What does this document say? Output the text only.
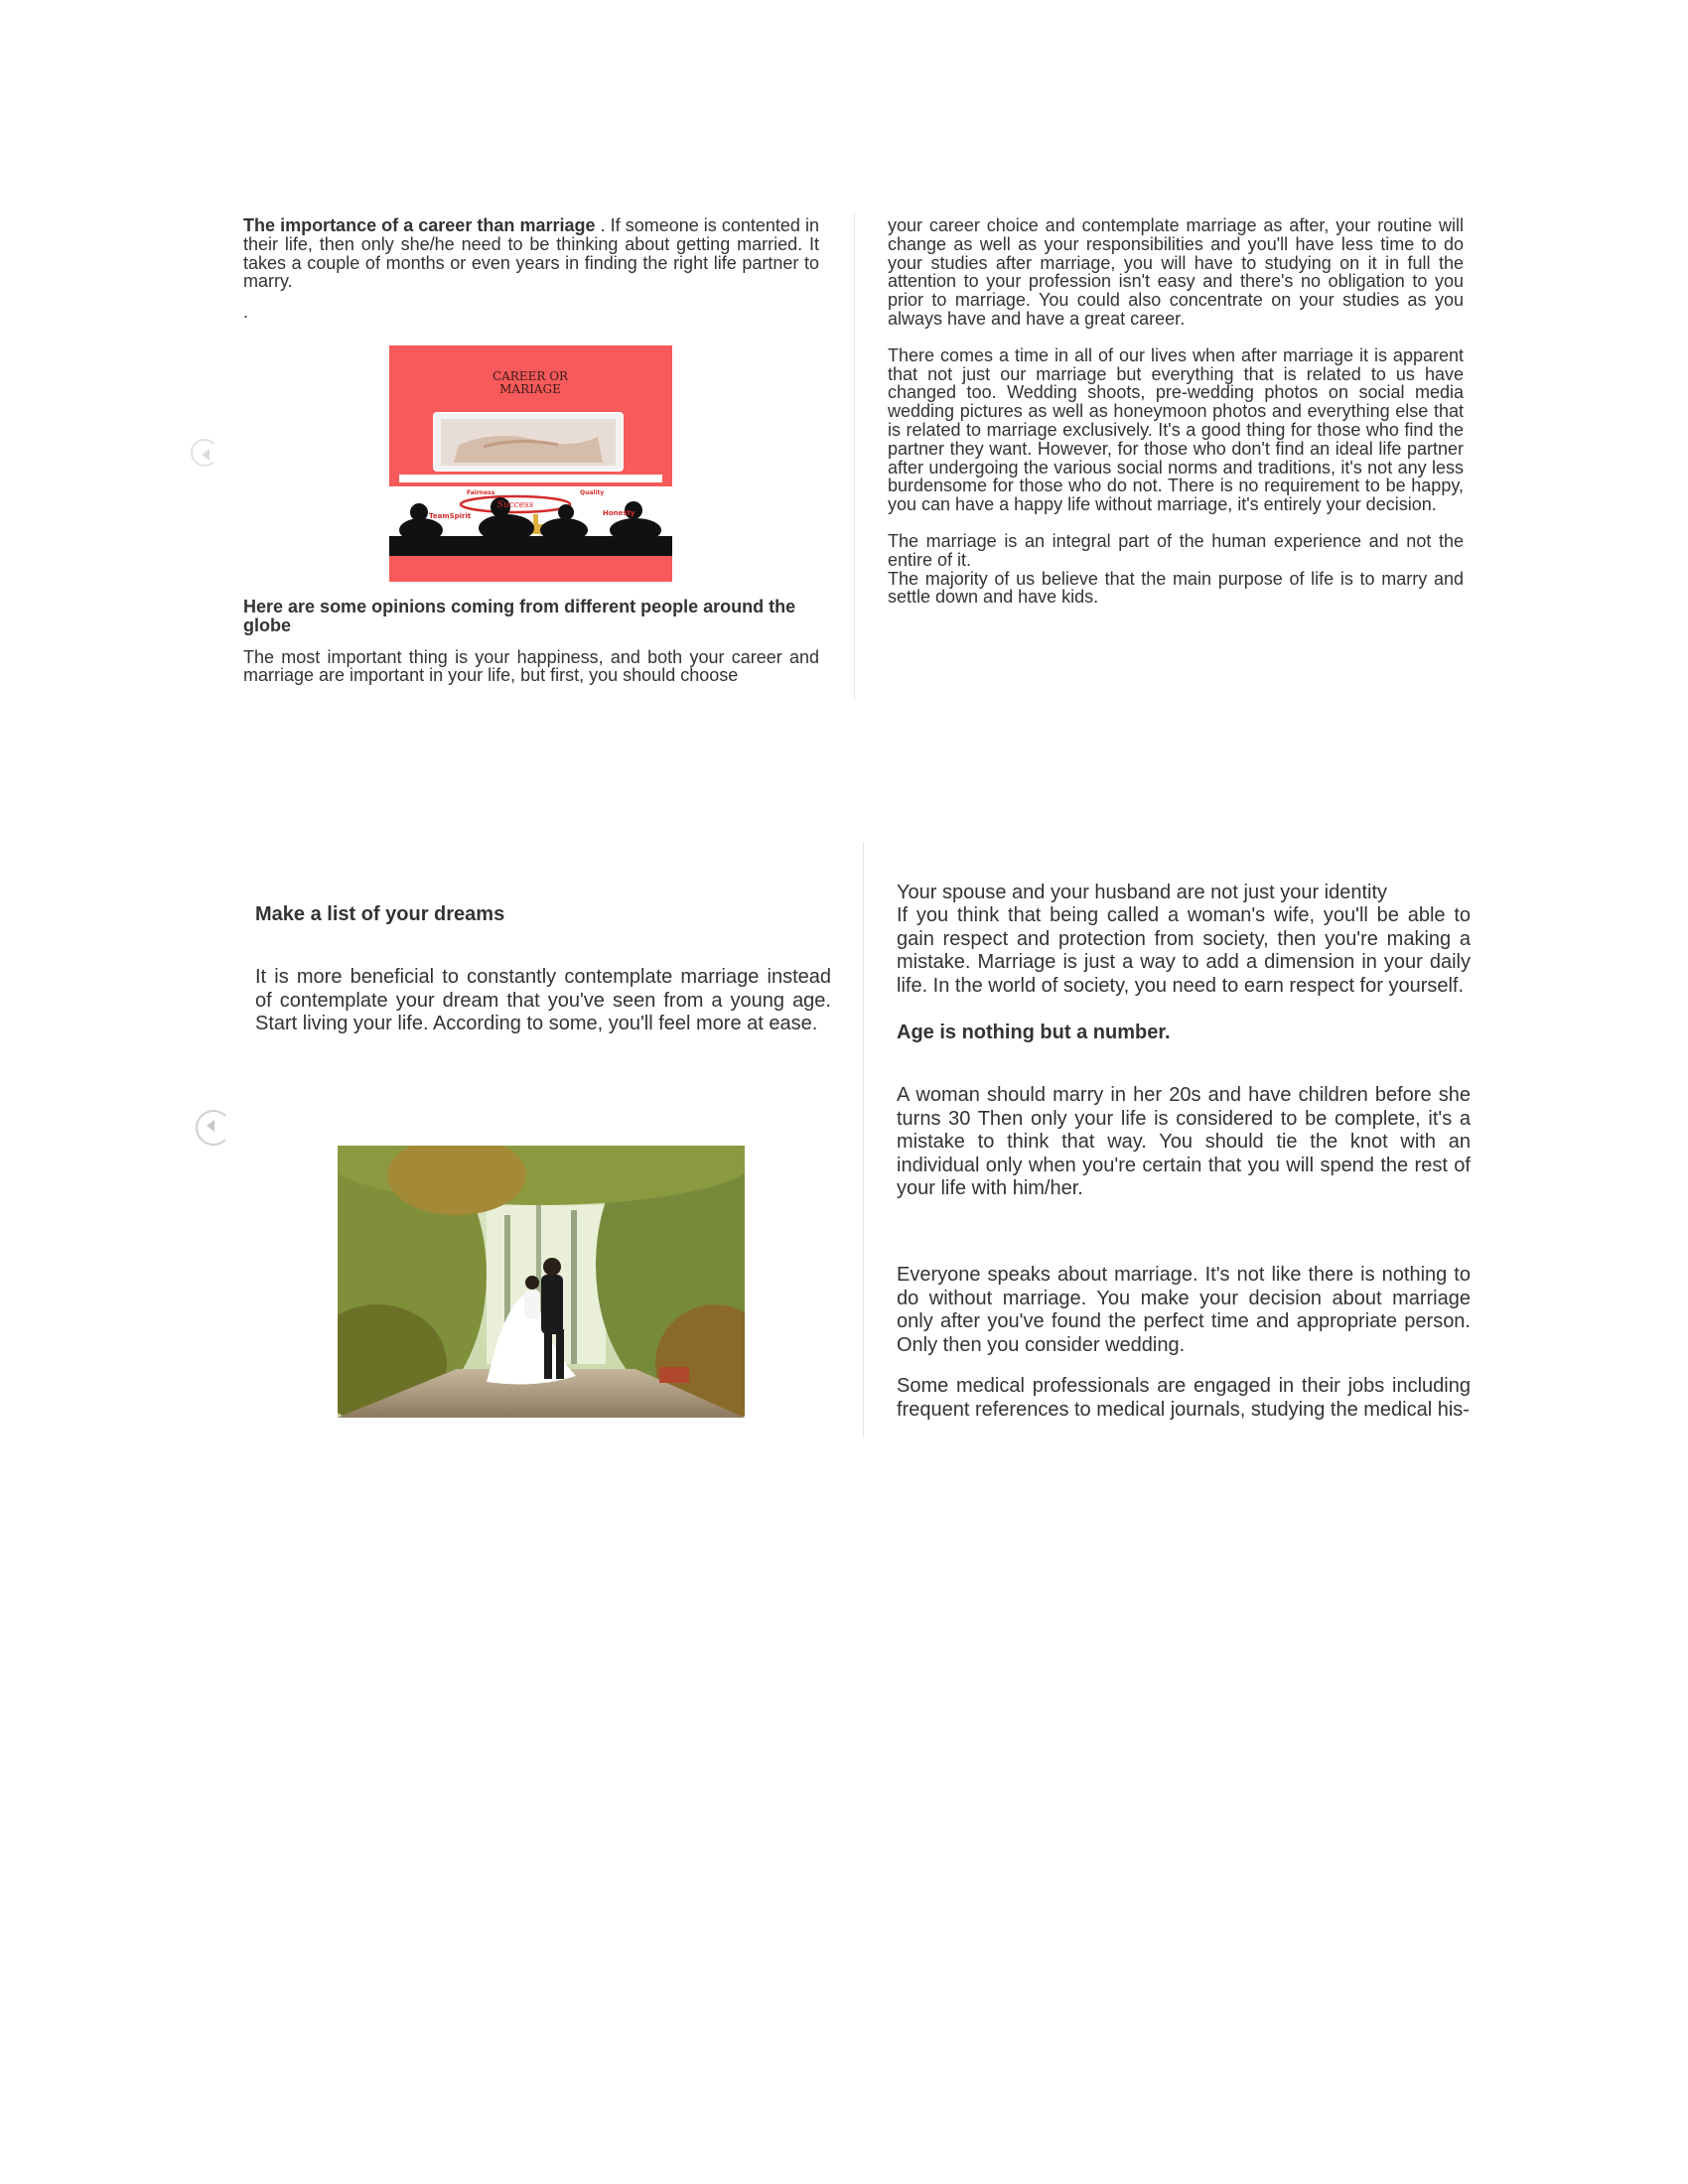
The importance of a career than marriage . If someone is contented in their life, then only she/he need to be thinking about getting married. It takes a couple of months or even years in finding the right life partner to marry.

.

CAREER OR
MARIAGE
Success
Fairness	Quality
TeamSpirit	Honesty

Here are some opinions coming from different people around the globe

The most important thing is your happiness, and both your career and marriage are important in your life, but first, you should choose

your career choice and contemplate marriage as after, your routine will change as well as your responsibilities and you'll have less time to do your studies after marriage, you will have to studying on it in full the attention to your profession isn't easy and there's no obligation to you prior to marriage. You could also concentrate on your studies as you always have and have a great career.

There comes a time in all of our lives when after marriage it is apparent that not just our marriage but everything that is related to us have changed too. Wedding shoots, pre-wedding photos on social media wedding pictures as well as honeymoon photos and everything else that is related to marriage exclusively. It's a good thing for those who find the partner they want. However, for those who don't find an ideal life partner after undergoing the various social norms and traditions, it's not any less burdensome for those who do not. There is no requirement to be happy, you can have a happy life without marriage, it's entirely your decision.

The marriage is an integral part of the human experience and not the entire of it.

The majority of us believe that the main purpose of life is to marry and settle down and have kids.

Make a list of your dreams

It is more beneficial to constantly contemplate marriage instead of contemplate your dream that you've seen from a young age. Start living your life. According to some, you'll feel more at ease.

Your spouse and your husband are not just your identity

If you think that being called a woman's wife, you'll be able to gain respect and protection from society, then you're making a mistake. Marriage is just a way to add a dimension in your daily life. In the world of society, you need to earn respect for yourself.

Age is nothing but a number.

A woman should marry in her 20s and have children before she turns 30 Then only your life is considered to be complete, it's a mistake to think that way. You should tie the knot with an individual only when you're certain that you will spend the rest of your life with him/her.

Everyone speaks about marriage. It's not like there is nothing to do without marriage. You make your decision about marriage only after you've found the perfect time and appropriate person. Only then you consider wedding.

Some medical professionals are engaged in their jobs including frequent references to medical journals, studying the medical his-
